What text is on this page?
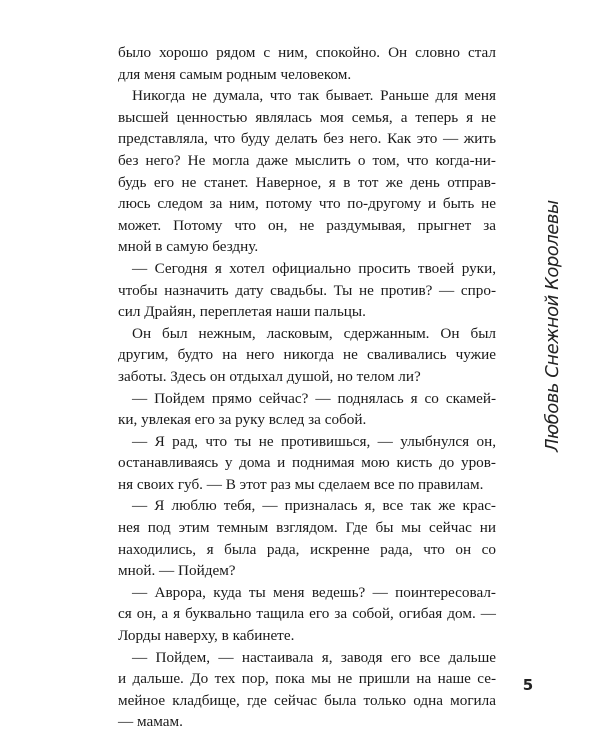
было хорошо рядом с ним, спокойно. Он словно стал
для меня самым родным человеком.
Никогда не думала, что так бывает. Раньше для меня
высшей ценностью являлась моя семья, а теперь я не
представляла, что буду делать без него. Как это — жить
без него? Не могла даже мыслить о том, что когда-ни-
будь его не станет. Наверное, я в тот же день отправ-
люсь следом за ним, потому что по-другому и быть не
может. Потому что он, не раздумывая, прыгнет за
мной в самую бездну.
— Сегодня я хотел официально просить твоей руки,
чтобы назначить дату свадьбы. Ты не против? — спро-
сил Драйян, переплетая наши пальцы.
Он был нежным, ласковым, сдержанным. Он был
другим, будто на него никогда не сваливались чужие
заботы. Здесь он отдыхал душой, но телом ли?
— Пойдем прямо сейчас? — поднялась я со скамей-
ки, увлекая его за руку вслед за собой.
— Я рад, что ты не противишься, — улыбнулся он,
останавливаясь у дома и поднимая мою кисть до уров-
ня своих губ. — В этот раз мы сделаем все по правилам.
— Я люблю тебя, — призналась я, все так же крас-
нея под этим темным взглядом. Где бы мы сейчас ни
находились, я была рада, искренне рада, что он со
мной. — Пойдем?
— Аврора, куда ты меня ведешь? — поинтересовал-
ся он, а я буквально тащила его за собой, огибая дом. —
Лорды наверху, в кабинете.
— Пойдем, — настаивала я, заводя его все дальше
и дальше. До тех пор, пока мы не пришли на наше се-
мейное кладбище, где сейчас была только одна могила
— мамам.
Любовь Снежной Королевы
5
